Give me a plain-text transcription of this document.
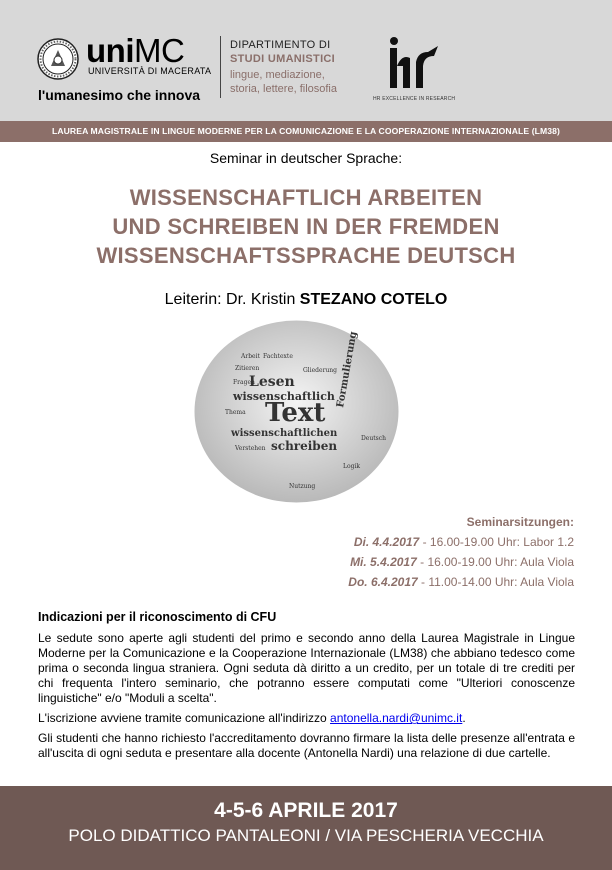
uniMC
UNIVERSITÀ DI MACERATA
l'umanesimo che innova
DIPARTIMENTO DI
STUDI UMANISTICI
lingue, mediazione,
storia, lettere, filosofia
HR EXCELLENCE IN RESEARCH
LAUREA MAGISTRALE IN LINGUE MODERNE PER LA COMUNICAZIONE E LA COOPERAZIONE INTERNAZIONALE (LM38)
Seminar in deutscher Sprache:
WISSENSCHAFTLICH ARBEITEN
UND SCHREIBEN IN DER FREMDEN
WISSENSCHAFTSSPRACHE DEUTSCH
Leiterin: Dr. Kristin STEZANO COTELO
Text
Lesen
wissenschaftlich
wissenschaftlichen
schreiben
Formulierung
Fachtexte
Gliederung
Zitieren
Fragen
Thema
Deutsch
Arbeit
Verstehen
Logik
Nutzung
Seminarsitzungen:
Di. 4.4.2017 - 16.00-19.00 Uhr: Labor 1.2
Mi. 5.4.2017 - 16.00-19.00 Uhr: Aula Viola
Do. 6.4.2017 - 11.00-14.00 Uhr: Aula Viola
Indicazioni per il riconoscimento di CFU

Le sedute sono aperte agli studenti del primo e secondo anno della Laurea Magistrale in Lingue Moderne per la Comunicazione e la Cooperazione Internazionale (LM38) che abbiano tedesco come prima o seconda lingua straniera. Ogni seduta dà diritto a un credito, per un totale di tre crediti per chi frequenta l'intero seminario, che potranno essere computati come "Ulteriori conoscenze linguistiche" e/o "Moduli a scelta".

L'iscrizione avviene tramite comunicazione all'indirizzo antonella.nardi@unimc.it.

Gli studenti che hanno richiesto l'accreditamento dovranno firmare la lista delle presenze all'entrata e all'uscita di ogni seduta e presentare alla docente (Antonella Nardi) una relazione di due cartelle.

4-5-6 APRILE 2017
POLO DIDATTICO PANTALEONI / VIA PESCHERIA VECCHIA
